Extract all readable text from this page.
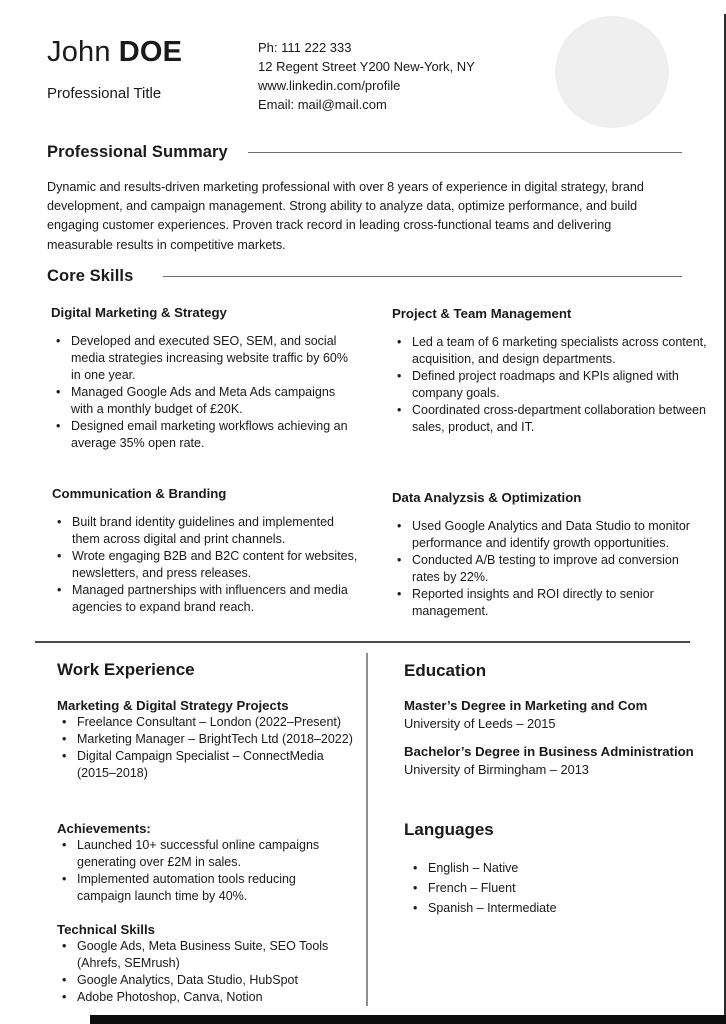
John DOE
Professional Title
Ph: 111 222 333
12 Regent Street Y200 New-York, NY
www.linkedin.com/profile
Email: mail@mail.com
Professional Summary
Dynamic and results-driven marketing professional with over 8 years of experience in digital strategy, brand
development, and campaign management. Strong ability to analyze data, optimize performance, and build
engaging customer experiences. Proven track record in leading cross-functional teams and delivering
measurable results in competitive markets.
Core Skills
Digital Marketing & Strategy
• Developed and executed SEO, SEM, and social media strategies increasing website traffic by 60% in one year.
• Managed Google Ads and Meta Ads campaigns with a monthly budget of £20K.
• Designed email marketing workflows achieving an average 35% open rate.
Project & Team Management
• Led a team of 6 marketing specialists across content, acquisition, and design departments.
• Defined project roadmaps and KPIs aligned with company goals.
• Coordinated cross-department collaboration between sales, product, and IT.
Communication & Branding
• Built brand identity guidelines and implemented them across digital and print channels.
• Wrote engaging B2B and B2C content for websites, newsletters, and press releases.
• Managed partnerships with influencers and media agencies to expand brand reach.
Data Analyzsis & Optimization
• Used Google Analytics and Data Studio to monitor performance and identify growth opportunities.
• Conducted A/B testing to improve ad conversion rates by 22%.
• Reported insights and ROI directly to senior management.
Work Experience
Marketing & Digital Strategy Projects
• Freelance Consultant – London (2022–Present)
• Marketing Manager – BrightTech Ltd (2018–2022)
• Digital Campaign Specialist – ConnectMedia (2015–2018)
Achievements:
• Launched 10+ successful online campaigns generating over £2M in sales.
• Implemented automation tools reducing campaign launch time by 40%.
Technical Skills
• Google Ads, Meta Business Suite, SEO Tools (Ahrefs, SEMrush)
• Google Analytics, Data Studio, HubSpot
• Adobe Photoshop, Canva, Notion
Education
Master’s Degree in Marketing and Com
University of Leeds – 2015
Bachelor’s Degree in Business Administration
University of Birmingham – 2013
Languages
• English – Native
• French – Fluent
• Spanish – Intermediate
